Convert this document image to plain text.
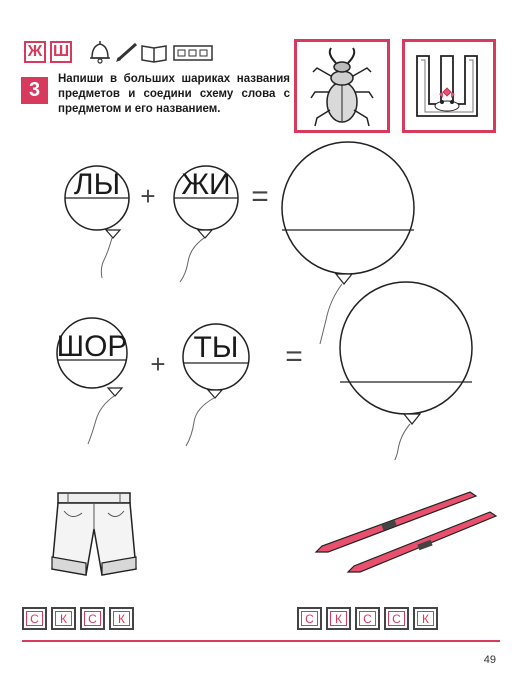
Ж Ш
3	Напиши в больших шариках названия предметов и соедини схему слова с предметом и его названием.
ЛЫ + ЖИ =
ШОР
+ ТЫ =
С	К	С	К	С	К	С	С	К
49
